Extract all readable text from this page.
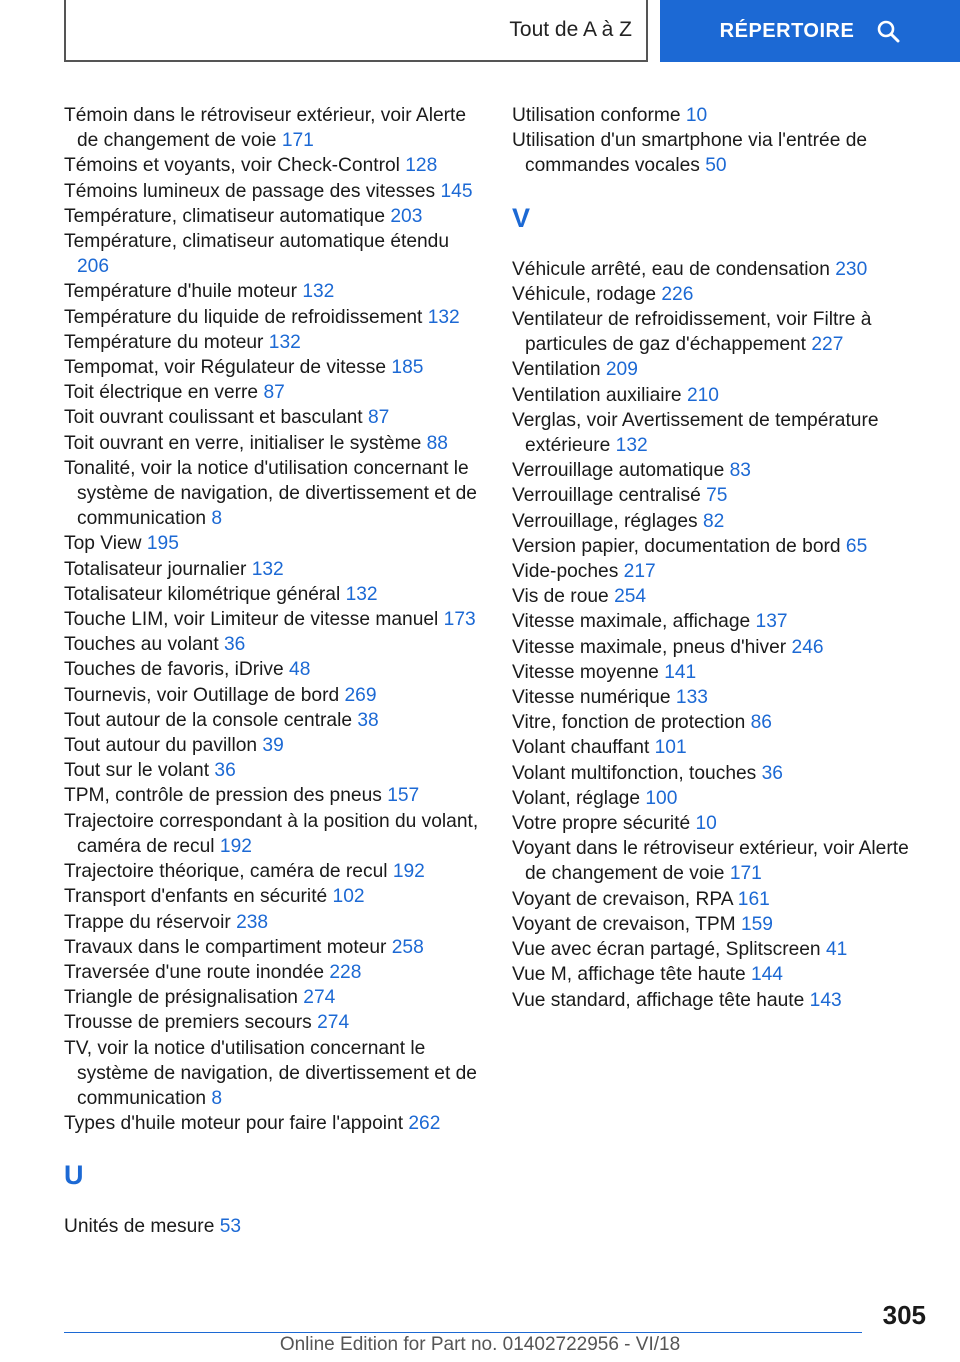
Tout de A à Z	RÉPERTOIRE

Témoin dans le rétroviseur extérieur, voir Alerte de changement de voie 171

Témoins et voyants, voir Check-Control 128

Témoins lumineux de passage des vitesses 145

Température, climatiseur automatique 203

Température, climatiseur automatique étendu 206

Température d'huile moteur 132

Température du liquide de refroidissement 132

Température du moteur 132

Tempomat, voir Régulateur de vitesse 185

Toit électrique en verre 87

Toit ouvrant coulissant et basculant 87

Toit ouvrant en verre, initialiser le système 88

Tonalité, voir la notice d'utilisation concernant le système de navigation, de divertissement et de communication 8

Top View 195

Totalisateur journalier 132

Totalisateur kilométrique général 132

Touche LIM, voir Limiteur de vitesse manuel 173

Touches au volant 36

Touches de favoris, iDrive 48

Tournevis, voir Outillage de bord 269

Tout autour de la console centrale 38

Tout autour du pavillon 39

Tout sur le volant 36

TPM, contrôle de pression des pneus 157

Trajectoire correspondant à la position du volant, caméra de recul 192

Trajectoire théorique, caméra de recul 192

Transport d'enfants en sécurité 102

Trappe du réservoir 238

Travaux dans le compartiment moteur 258

Traversée d'une route inondée 228

Triangle de présignalisation 274

Trousse de premiers secours 274

TV, voir la notice d'utilisation concernant le système de navigation, de divertissement et de communication 8

Types d'huile moteur pour faire l'appoint 262

U

Unités de mesure 53

Utilisation conforme 10

Utilisation d'un smartphone via l'entrée de commandes vocales 50

V

Véhicule arrêté, eau de condensation 230

Véhicule, rodage 226

Ventilateur de refroidissement, voir Filtre à particules de gaz d'échappement 227

Ventilation 209

Ventilation auxiliaire 210

Verglas, voir Avertissement de température extérieure 132

Verrouillage automatique 83

Verrouillage centralisé 75

Verrouillage, réglages 82

Version papier, documentation de bord 65

Vide-poches 217

Vis de roue 254

Vitesse maximale, affichage 137

Vitesse maximale, pneus d'hiver 246

Vitesse moyenne 141

Vitesse numérique 133

Vitre, fonction de protection 86

Volant chauffant 101

Volant multifonction, touches 36

Volant, réglage 100

Votre propre sécurité 10

Voyant dans le rétroviseur extérieur, voir Alerte de changement de voie 171

Voyant de crevaison, RPA 161

Voyant de crevaison, TPM 159

Vue avec écran partagé, Splitscreen 41

Vue M, affichage tête haute 144

Vue standard, affichage tête haute 143

305
Online Edition for Part no. 01402722956 - VI/18
